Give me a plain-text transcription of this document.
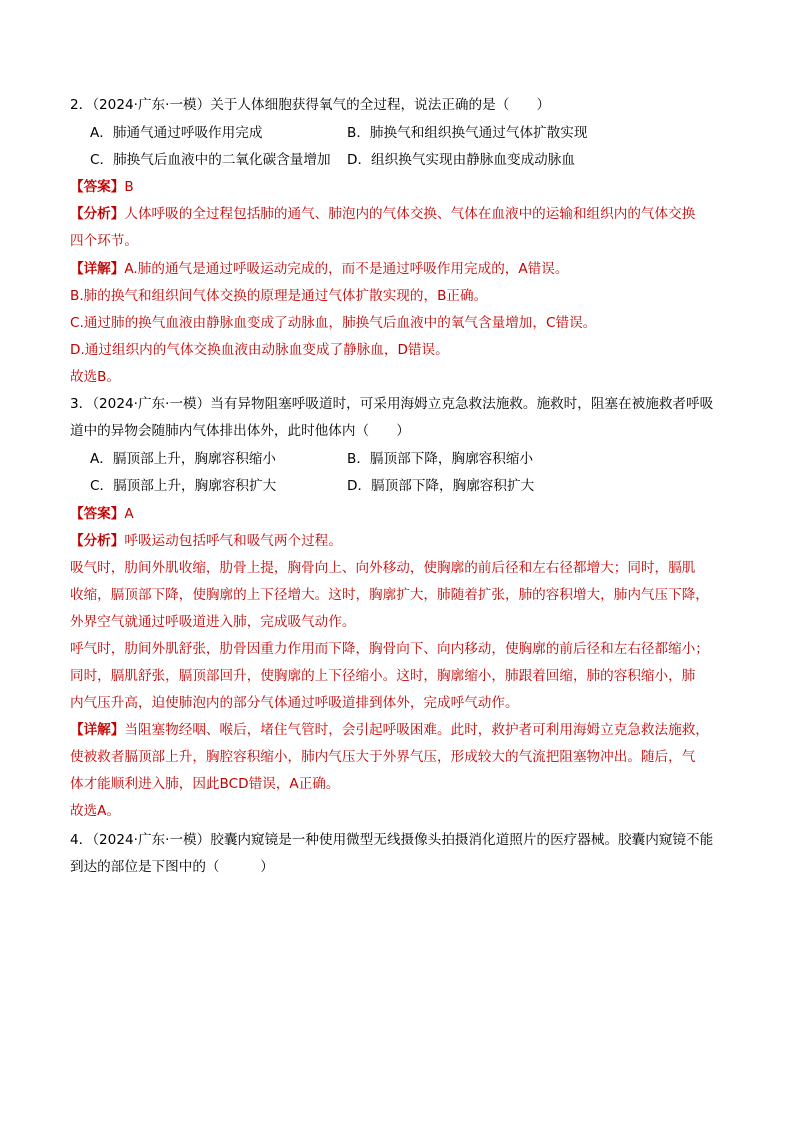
2．（2024·广东·一模）关于人体细胞获得氧气的全过程，说法正确的是（　　）
A．肺通气通过呼吸作用完成	B．肺换气和组织换气通过气体扩散实现
C．肺换气后血液中的二氧化碳含量增加 D．组织换气实现由静脉血变成动脉血
【答案】B
【分析】人体呼吸的全过程包括肺的通气、肺泡内的气体交换、气体在血液中的运输和组织内的气体交换
四个环节。
【详解】A.肺的通气是通过呼吸运动完成的，而不是通过呼吸作用完成的，A错误。
B.肺的换气和组织间气体交换的原理是通过气体扩散实现的，B正确。
C.通过肺的换气血液由静脉血变成了动脉血，肺换气后血液中的氧气含量增加，C错误。
D.通过组织内的气体交换血液由动脉血变成了静脉血，D错误。
故选B。
3．（2024·广东·一模）当有异物阻塞呼吸道时，可采用海姆立克急救法施救。施救时，阻塞在被施救者呼吸
道中的异物会随肺内气体排出体外，此时他体内（　　）
A．膈顶部上升，胸廓容积缩小	B．膈顶部下降，胸廓容积缩小
C．膈顶部上升，胸廓容积扩大	D．膈顶部下降，胸廓容积扩大
【答案】A
【分析】呼吸运动包括呼气和吸气两个过程。
吸气时，肋间外肌收缩，肋骨上提，胸骨向上、向外移动，使胸廓的前后径和左右径都增大；同时，膈肌
收缩，膈顶部下降，使胸廓的上下径增大。这时，胸廓扩大，肺随着扩张，肺的容积增大，肺内气压下降，
外界空气就通过呼吸道进入肺，完成吸气动作。
呼气时，肋间外肌舒张，肋骨因重力作用而下降，胸骨向下、向内移动，使胸廓的前后径和左右径都缩小；
同时，膈肌舒张，膈顶部回升，使胸廓的上下径缩小。这时，胸廓缩小，肺跟着回缩，肺的容积缩小，肺
内气压升高，迫使肺泡内的部分气体通过呼吸道排到体外，完成呼气动作。
【详解】当阻塞物经咽、喉后，堵住气管时，会引起呼吸困难。此时，救护者可利用海姆立克急救法施救，
使被救者膈顶部上升，胸腔容积缩小，肺内气压大于外界气压，形成较大的气流把阻塞物冲出。随后，气
体才能顺利进入肺，因此BCD错误，A正确。
故选A。
4．（2024·广东·一模）胶囊内窥镜是一种使用微型无线摄像头拍摄消化道照片的医疗器械。胶囊内窥镜不能
到达的部位是下图中的（　　　）
